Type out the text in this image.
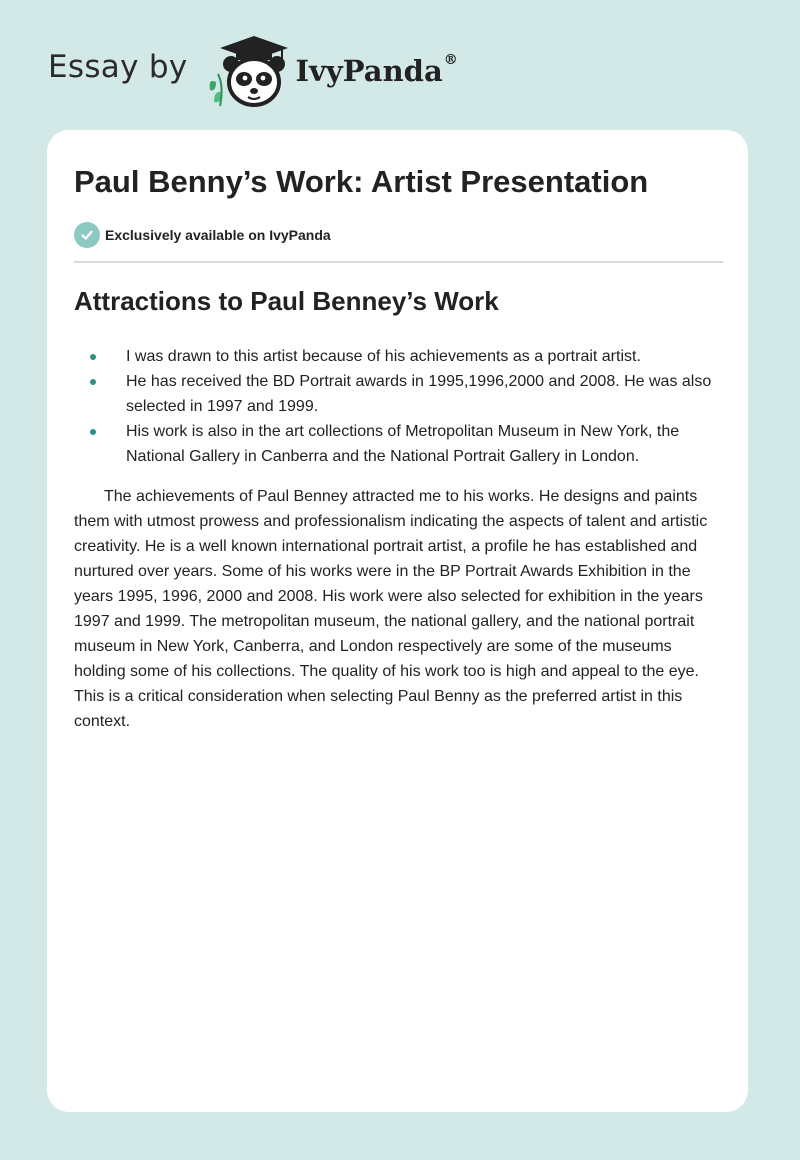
Essay by	IvyPanda®
Paul Benny’s Work: Artist Presentation
Exclusively available on IvyPanda
Attractions to Paul Benney’s Work
I was drawn to this artist because of his achievements as a portrait artist.
He has received the BD Portrait awards in 1995,1996,2000 and 2008. He was also selected in 1997 and 1999.
His work is also in the art collections of Metropolitan Museum in New York, the National Gallery in Canberra and the National Portrait Gallery in London.

The achievements of Paul Benney attracted me to his works. He designs and paints them with utmost prowess and professionalism indicating the aspects of talent and artistic creativity. He is a well known international portrait artist, a profile he has established and nurtured over years. Some of his works were in the BP Portrait Awards Exhibition in the years 1995, 1996, 2000 and 2008. His work were also selected for exhibition in the years 1997 and 1999. The metropolitan museum, the national gallery, and the national portrait museum in New York, Canberra, and London respectively are some of the museums holding some of his collections. The quality of his work too is high and appeal to the eye. This is a critical consideration when selecting Paul Benny as the preferred artist in this context.
